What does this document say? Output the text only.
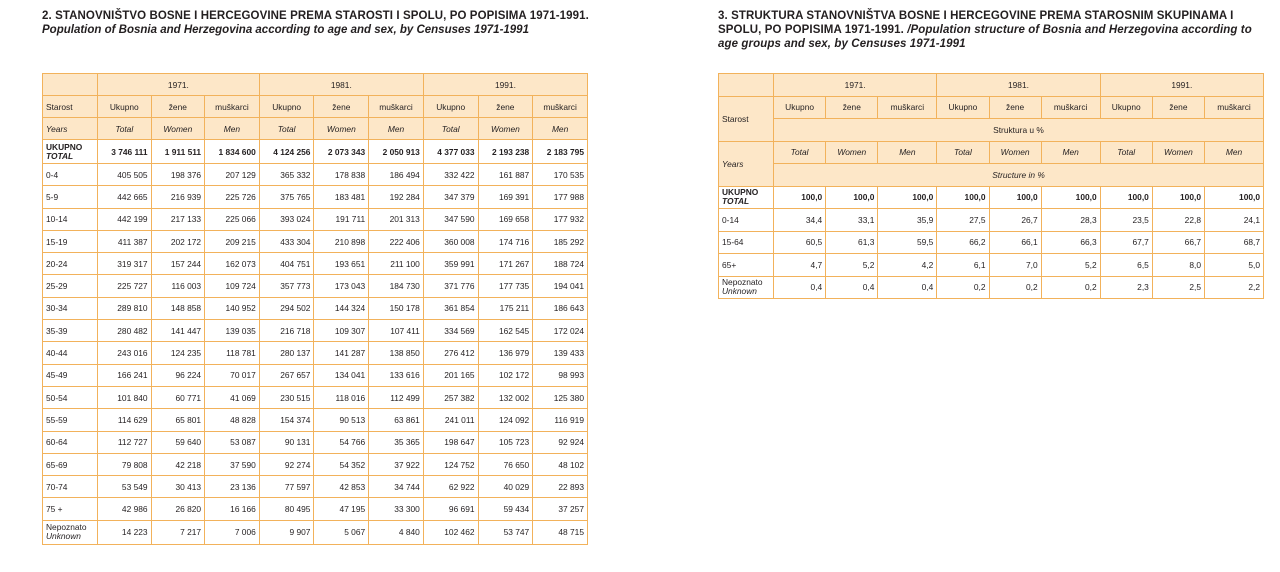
2. STANOVNIŠTVO BOSNE I HERCEGOVINE PREMA STAROSTI I SPOLU, PO POPISIMA 1971-1991.
Population of Bosnia and Herzegovina according to age and sex, by Censuses 1971-1991
3. STRUKTURA STANOVNIŠTVA BOSNE I HERCEGOVINE PREMA STAROSNIM SKUPINAMA I SPOLU, PO POPISIMA 1971-1991. /Population structure of Bosnia and Herzegovina according to age groups and sex, by Censuses 1971-1991
	1971.			1981.			1991.		
Starost	Ukupno	žene	muškarci	Ukupno	žene	muškarci	Ukupno	žene	muškarci
Years	Total	Women	Men	Total	Women	Men	Total	Women	Men
UKUPNO
TOTAL	3 746 111	1 911 511	1 834 600	4 124 256	2 073 343	2 050 913	4 377 033	2 193 238	2 183 795
0-4	405 505	198 376	207 129	365 332	178 838	186 494	332 422	161 887	170 535
5-9	442 665	216 939	225 726	375 765	183 481	192 284	347 379	169 391	177 988
10-14	442 199	217 133	225 066	393 024	191 711	201 313	347 590	169 658	177 932
15-19	411 387	202 172	209 215	433 304	210 898	222 406	360 008	174 716	185 292
20-24	319 317	157 244	162 073	404 751	193 651	211 100	359 991	171 267	188 724
25-29	225 727	116 003	109 724	357 773	173 043	184 730	371 776	177 735	194 041
30-34	289 810	148 858	140 952	294 502	144 324	150 178	361 854	175 211	186 643
35-39	280 482	141 447	139 035	216 718	109 307	107 411	334 569	162 545	172 024
40-44	243 016	124 235	118 781	280 137	141 287	138 850	276 412	136 979	139 433
45-49	166 241	96 224	70 017	267 657	134 041	133 616	201 165	102 172	98 993
50-54	101 840	60 771	41 069	230 515	118 016	112 499	257 382	132 002	125 380
55-59	114 629	65 801	48 828	154 374	90 513	63 861	241 011	124 092	116 919
60-64	112 727	59 640	53 087	90 131	54 766	35 365	198 647	105 723	92 924
65-69	79 808	42 218	37 590	92 274	54 352	37 922	124 752	76 650	48 102
70-74	53 549	30 413	23 136	77 597	42 853	34 744	62 922	40 029	22 893
75 +	42 986	26 820	16 166	80 495	47 195	33 300	96 691	59 434	37 257
Nepoznato
Unknown	14 223	7 217	7 006	9 907	5 067	4 840	102 462	53 747	48 715
	1971.			1981.			1991.		
Starost	Ukupno	žene	muškarci	Ukupno	žene	muškarci	Ukupno	žene	muškarci
	Struktura u %								
Years	Total	Women	Men	Total	Women	Men	Total	Women	Men
	Structure in %								
UKUPNO
TOTAL	100,0	100,0	100,0	100,0	100,0	100,0	100,0	100,0	100,0
0-14	34,4	33,1	35,9	27,5	26,7	28,3	23,5	22,8	24,1
15-64	60,5	61,3	59,5	66,2	66,1	66,3	67,7	66,7	68,7
65+	4,7	5,2	4,2	6,1	7,0	5,2	6,5	8,0	5,0
Nepoznato
Unknown	0,4	0,4	0,4	0,2	0,2	0,2	2,3	2,5	2,2
